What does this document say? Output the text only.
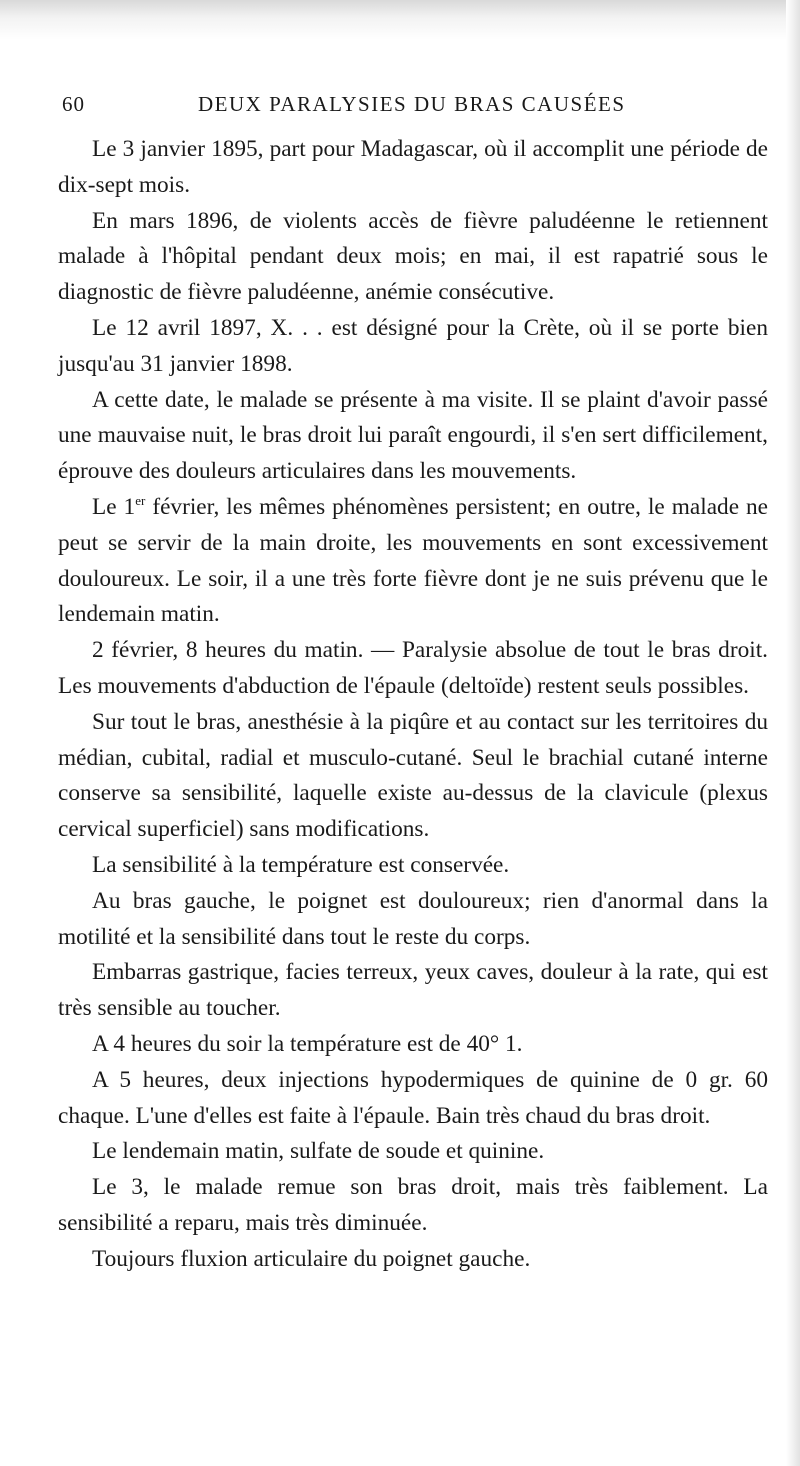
60	DEUX PARALYSIES DU BRAS CAUSÉES

Le 3 janvier 1895, part pour Madagascar, où il accomplit une période de dix-sept mois.

En mars 1896, de violents accès de fièvre paludéenne le retiennent malade à l'hôpital pendant deux mois; en mai, il est rapatrié sous le diagnostic de fièvre paludéenne, anémie consécutive.

Le 12 avril 1897, X. . . est désigné pour la Crète, où il se porte bien jusqu'au 31 janvier 1898.

A cette date, le malade se présente à ma visite. Il se plaint d'avoir passé une mauvaise nuit, le bras droit lui paraît engourdi, il s'en sert difficilement, éprouve des douleurs articulaires dans les mouvements.

Le 1er février, les mêmes phénomènes persistent; en outre, le malade ne peut se servir de la main droite, les mouvements en sont excessivement douloureux. Le soir, il a une très forte fièvre dont je ne suis prévenu que le lendemain matin.

2 février, 8 heures du matin. — Paralysie absolue de tout le bras droit. Les mouvements d'abduction de l'épaule (deltoïde) restent seuls possibles.

Sur tout le bras, anesthésie à la piqûre et au contact sur les territoires du médian, cubital, radial et musculo-cutané. Seul le brachial cutané interne conserve sa sensibilité, laquelle existe au-dessus de la clavicule (plexus cervical superficiel) sans modifications.

La sensibilité à la température est conservée.

Au bras gauche, le poignet est douloureux; rien d'anormal dans la motilité et la sensibilité dans tout le reste du corps.

Embarras gastrique, facies terreux, yeux caves, douleur à la rate, qui est très sensible au toucher.

A 4 heures du soir la température est de 40° 1.

A 5 heures, deux injections hypodermiques de quinine de 0 gr. 60 chaque. L'une d'elles est faite à l'épaule. Bain très chaud du bras droit.

Le lendemain matin, sulfate de soude et quinine.

Le 3, le malade remue son bras droit, mais très faiblement. La sensibilité a reparu, mais très diminuée.

Toujours fluxion articulaire du poignet gauche.
